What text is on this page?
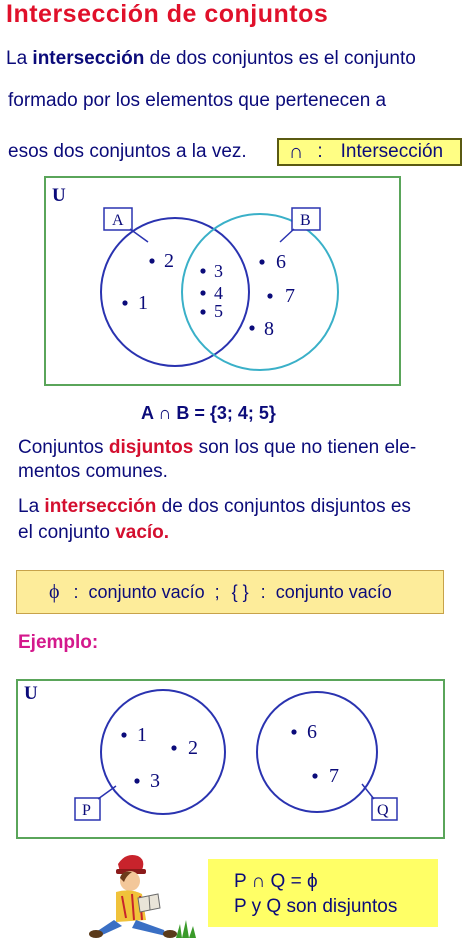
Intersección de conjuntos
La intersección de dos conjuntos es el conjunto
formado por los elementos que pertenecen a
esos dos conjuntos a la vez. ∩ : Intersección
U
A	B
2
1
3
4
5
6
7
8
A ∩ B = {3; 4; 5}
Conjuntos disjuntos son los que no tienen ele-
mentos comunes.
La intersección de dos conjuntos disjuntos es
el conjunto vacío.
ϕ : conjunto vacío ; { } : conjunto vacío
Ejemplo:
U
P	Q
1
2
3
6
7
P ∩ Q = ϕ
P y Q son disjuntos
